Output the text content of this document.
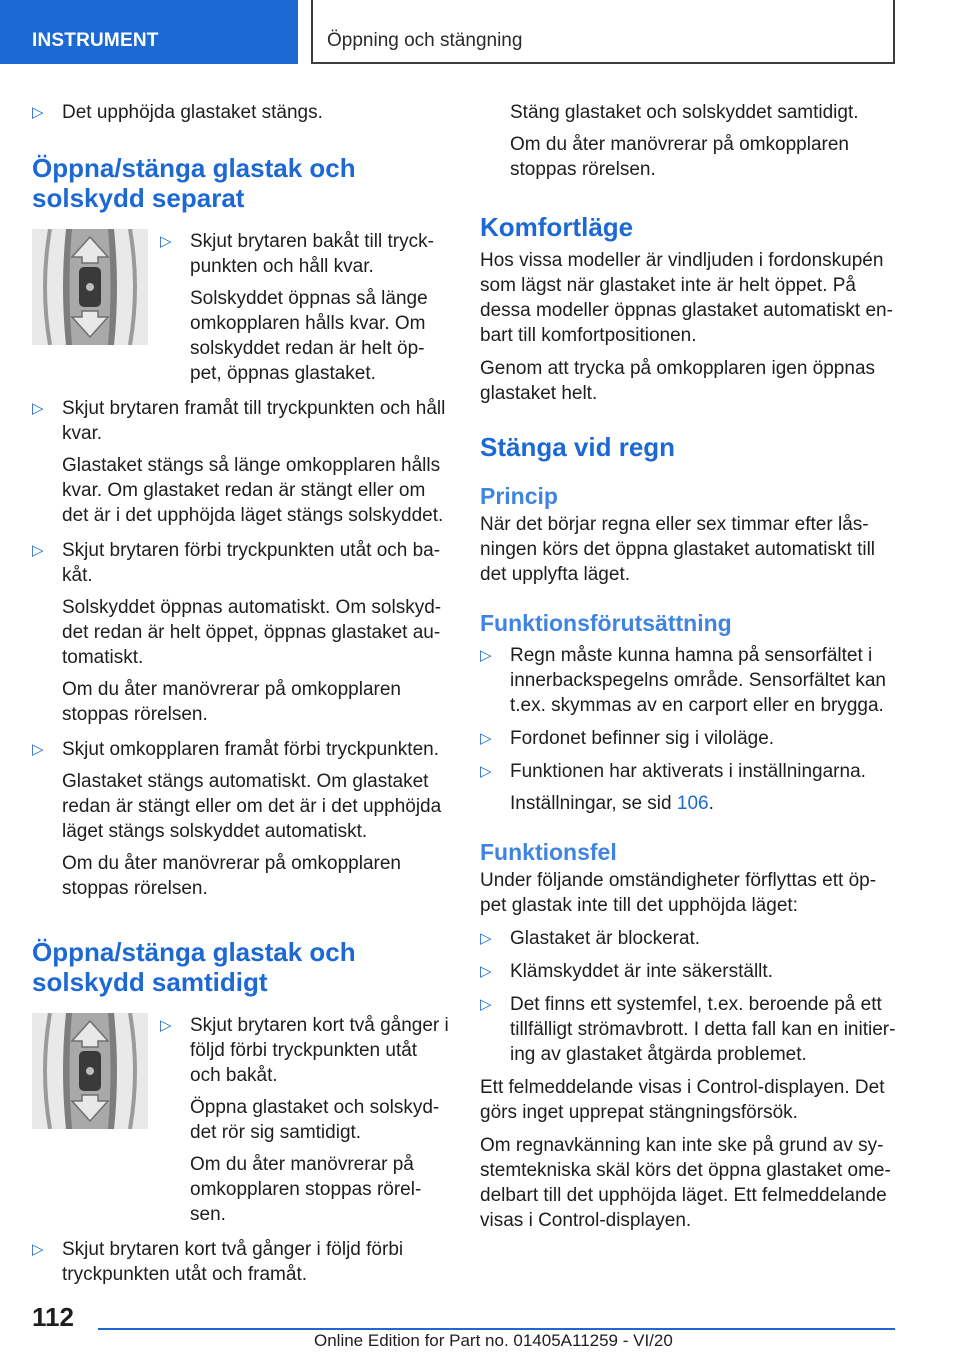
INSTRUMENT	Öppning och stängning
▷ Det upphöjda glastaket stängs.
Öppna/stänga glastak och
solskydd separat
▷ Skjut brytaren bakåt till tryck-punkten och håll kvar.
Solskyddet öppnas så länge omkopplaren hålls kvar. Om solskyddet redan är helt öp-pet, öppnas glastaket.
▷ Skjut brytaren framåt till tryckpunkten och håll kvar.
Glastaket stängs så länge omkopplaren hålls kvar. Om glastaket redan är stängt eller om det är i det upphöjda läget stängs solskyddet.
▷ Skjut brytaren förbi tryckpunkten utåt och ba-kåt.
Solskyddet öppnas automatiskt. Om solskyd-det redan är helt öppet, öppnas glastaket au-tomatiskt.
Om du åter manövrerar på omkopplaren stoppas rörelsen.
▷ Skjut omkopplaren framåt förbi tryckpunkten.
Glastaket stängs automatiskt. Om glastaket redan är stängt eller om det är i det upphöjda läget stängs solskyddet automatiskt.
Om du åter manövrerar på omkopplaren stoppas rörelsen.
Öppna/stänga glastak och
solskydd samtidigt
▷ Skjut brytaren kort två gånger i följd förbi tryckpunkten utåt och bakåt.
Öppna glastaket och solskyd-det rör sig samtidigt.
Om du åter manövrerar på omkopplaren stoppas rörel-sen.
▷ Skjut brytaren kort två gånger i följd förbi tryckpunkten utåt och framåt.
Stäng glastaket och solskyddet samtidigt.
Om du åter manövrerar på omkopplaren stoppas rörelsen.
Komfortläge

Hos vissa modeller är vindljuden i fordonskupén som lägst när glastaket inte är helt öppet. På dessa modeller öppnas glastaket automatiskt en-bart till komfortpositionen.

Genom att trycka på omkopplaren igen öppnas glastaket helt.

Stänga vid regn
Princip

När det börjar regna eller sex timmar efter lås-ningen körs det öppna glastaket automatiskt till det upplyfta läget.

Funktionsförutsättning
▷ Regn måste kunna hamna på sensorfältet i innerbackspegelns område. Sensorfältet kan t.ex. skymmas av en carport eller en brygga.
▷ Fordonet befinner sig i viloläge.
▷ Funktionen har aktiverats i inställningarna.
Inställningar, se sid 106.
Funktionsfel

Under följande omständigheter förflyttas ett öp-pet glastak inte till det upphöjda läget:

▷ Glastaket är blockerat.
▷ Klämskyddet är inte säkerställt.
▷ Det finns ett systemfel, t.ex. beroende på ett tillfälligt strömavbrott. I detta fall kan en initier-ing av glastaket åtgärda problemet.

Ett felmeddelande visas i Control-displayen. Det görs inget upprepat stängningsförsök.

Om regnavkänning kan inte ske på grund av sy-stemtekniska skäl körs det öppna glastaket ome-delbart till det upphöjda läget. Ett felmeddelande visas i Control-displayen.

112
Online Edition for Part no. 01405A11259 - VI/20
